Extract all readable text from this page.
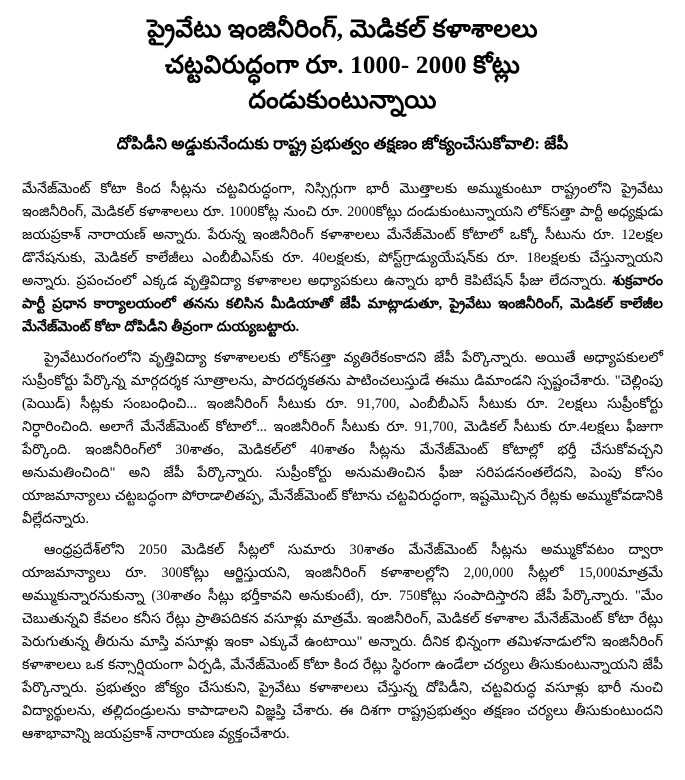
ప్రైవేటు ఇంజినీరింగ్, మెడికల్ కళాశాలలు
చట్టవిరుద్ధంగా రూ. 1000- 2000 కోట్లు
దండుకుంటున్నాయి
దోపిడీని అడ్డుకునేందుకు రాష్ట్ర ప్రభుత్వం తక్షణం జోక్యం‌చేసుకోవాలి: జేపీ

మేనేజ్‌మెంట్ కోటా కింద సీట్లను చట్టవిరుద్ధంగా, నిస్సిగ్గుగా భారీ మొత్తాలకు అమ్ముకుంటూ రాష్ట్రంలోని ప్రైవేటు ఇంజినీరింగ్, మెడికల్ కళాశాలలు రూ. 1000కోట్ల నుంచి రూ. 2000కోట్లు దండుకుంటున్నాయని లోక్‌సత్తా పార్టీ అధ్యక్షుడు జయప్రకాశ్ నారాయణ్ అన్నారు. పేరున్న ఇంజినీరింగ్ కళాశాలలు మేనేజ్‌మెంట్ కోటాలో ఒక్కో సీటును రూ. 12లక్షల డొనేషనుకు, మెడికల్ కాలేజీలు ఎంబీబీఎస్‌కు రూ. 40లక్షలకు, పోస్ట్‌గ్రాడ్యుయేషన్‌కు రూ. 18లక్షలకు చేస్తున్నాయని అన్నారు. ప్రపంచంలో ఎక్కడ వృత్తివిద్యా కళాశాలల అధ్యాపకులు ఉన్నారు భారీ కెపిటేషన్ ఫీజు లేదన్నారు. శుక్రవారం పార్టీ ప్రధాన కార్యాలయంలో తనను కలిసిన మీడియాతో జేపీ మాట్లాడుతూ, ప్రైవేటు ఇంజినీరింగ్, మెడికల్ కాలేజీల మేనేజ్‌మెంట్ కోటా దోపిడీని తీవ్రంగా దుయ్యబట్టారు.

ప్రైవేటురంగంలోని వృత్తివిద్యా కళాశాలలకు లోక్‌సత్తా వ్యతిరేకంకాదని జేపీ పేర్కొన్నారు. అయితే అధ్యాపకులలో సుప్రీంకోర్టు పేర్కొన్న మార్గదర్శక సూత్రాలను, పారదర్శకతను పాటించలుస్తుడే ఈము డిమాండని స్పష్టంచేశారు. "చెల్లింపు (పెయిడ్) సీట్లకు సంబంధించి... ఇంజినీరింగ్ సీటుకు రూ. 91,700, ఎంబీబీఎస్ సీటుకు రూ. 2లక్షలు సుప్రీంకోర్టు నిర్ధారించింది. అలాగే మేనేజ్‌మెంట్ కోటాలో... ఇంజినీరింగ్ సీటుకు రూ. 91,700, మెడికల్ సీటుకు రూ.4లక్షలు ఫీజుగా పేర్కొంది. ఇంజినీరింగ్‌లో 30శాతం, మెడికల్‌లో 40శాతం సీట్లను మేనేజ్‌మెంట్ కోటాల్లో భర్తీ చేసుకోవచ్చని అనుమతించింది" అని జేపీ పేర్కొన్నారు. సుప్రీంకోర్టు అనుమతించిన ఫీజు సరిపడనంతలేదని, పెంపు కోసం యాజమాన్యాలు చట్టబద్ధంగా పోరాడాలితప్ప, మేనేజ్‌మెంట్ కోటాను చట్టవిరుద్ధంగా, ఇష్టమొచ్చిన రేట్లకు అమ్ముకోవడానికి వీల్లేదన్నారు.

ఆంధ్రప్రదేశ్‌లోని 2050 మెడికల్ సీట్లలో సుమారు 30శాతం మేనేజ్‌మెంట్ సీట్లను అమ్ముకోవటం ద్వారా యాజమాన్యాలు రూ. 300కోట్లు ఆర్జిస్తుయని, ఇంజినీరింగ్ కళాశాలల్లోని 2,00,000 సీట్లలో 15,000మాత్రమే అమ్ముకున్నారనుకున్నా (30శాతం సీట్లు భర్తీకావని అనుకుంటే), రూ. 750కోట్లు సంపాదిస్తారని జేపీ పేర్కొన్నారు. "మేం చెబుతున్నవి కేవలం కనీస రేట్లు ప్రాతిపదికన వసూళ్లు మాత్రమే. ఇంజినీరింగ్, మెడికల్ కళాశాల మేనేజ్‌మెంట్ కోటా రేట్లు పెరుగుతున్న తీరును మాస్తి వసూళ్లు ఇంకా ఎక్కువే ఉంటాయి" అన్నారు. దీనిక భిన్నంగా తమిళనాడులోని ఇంజినీరింగ్ కళాశాలలు ఒక కన్సార్షియంగా ఏర్పడి, మేనేజ్‌మెంట్ కోటా కింద రేట్లు స్థిరంగా ఉండేలా చర్యలు తీసుకుంటున్నాయని జేపీ పేర్కొన్నారు. ప్రభుత్వం జోక్యం చేసుకుని, ప్రైవేటు కళాశాలలు చేస్తున్న దోపిడీని, చట్టవిరుద్ధ వసూళ్లు భారీ నుంచి విద్యార్థులను, తల్లిదండ్రులను కాపాడాలని విజ్ఞప్తి చేశారు. ఈ దిశగా రాష్ట్రప్రభుత్వం తక్షణం చర్యలు తీసుకుంటుందని ఆశాభావాన్ని జయప్రకాశ్ నారాయణ వ్యక్తంచేశారు.
